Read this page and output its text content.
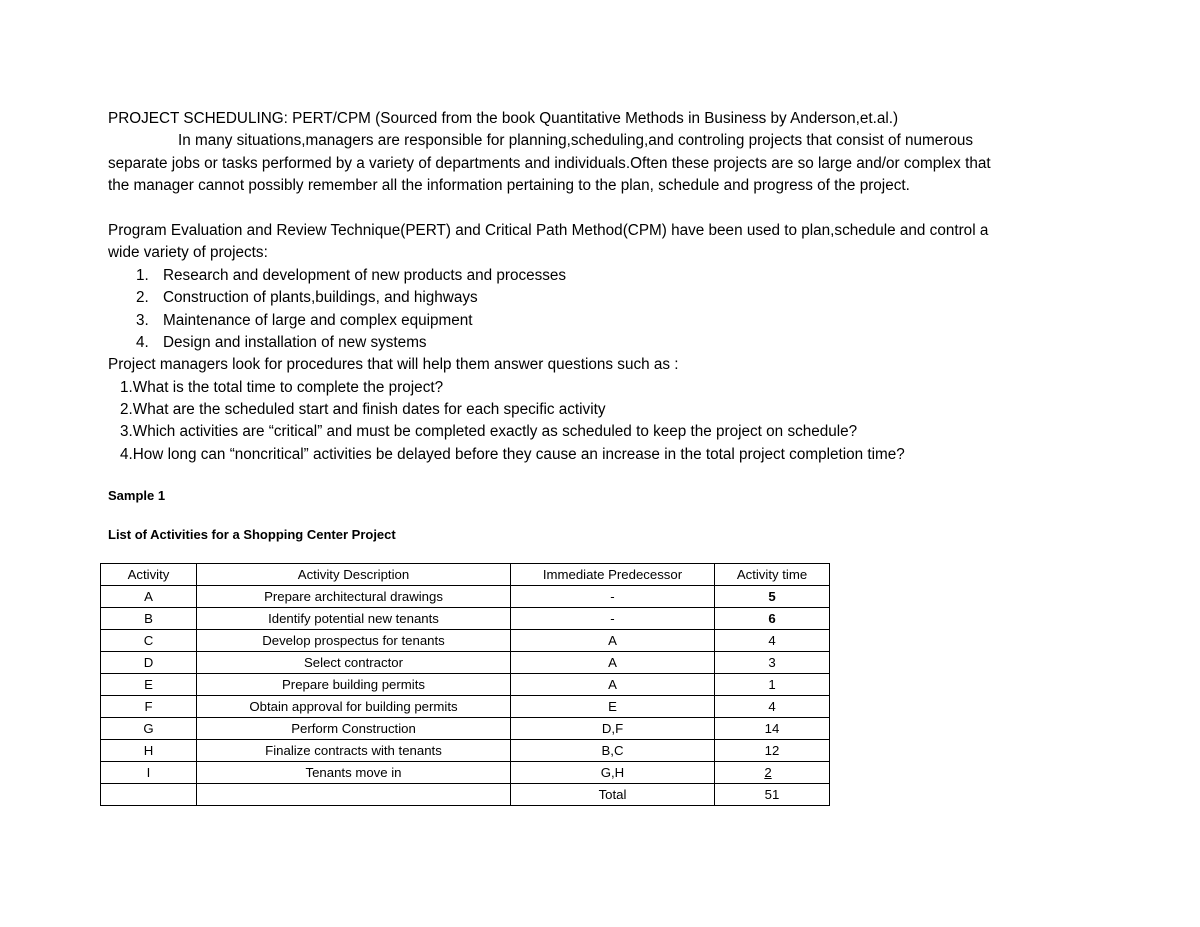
PROJECT SCHEDULING: PERT/CPM (Sourced from the book Quantitative Methods in Business by Anderson,et.al.)
In many situations,managers are responsible for planning,scheduling,and controling projects that consist of numerous
separate jobs or tasks performed by a variety of departments and individuals.Often these projects are so large and/or complex that
the manager cannot possibly remember all the information pertaining to the plan, schedule and progress of the project.
Program Evaluation and Review Technique(PERT) and Critical Path Method(CPM) have been used to plan,schedule and control a
wide variety of projects:
1. Research and development of new products and processes
2. Construction of plants,buildings, and highways
3. Maintenance of large and complex equipment
4. Design and installation of new systems
Project managers look for procedures that will help them answer questions such as :
1.What is the total time to complete the project?
2.What are the scheduled start and finish dates for each specific activity
3.Which activities are “critical” and must be completed exactly as scheduled to keep the project on schedule?
4.How long can “noncritical” activities be delayed before they cause an increase in the total project completion time?
Sample 1
List of Activities for a Shopping Center Project
Activity	Activity Description	Immediate Predecessor	Activity time
A	Prepare architectural drawings	-	5
B	Identify potential new tenants	-	6
C	Develop prospectus for tenants	A	4
D	Select contractor	A	3
E	Prepare building permits	A	1
F	Obtain approval for building permits	E	4
G	Perform Construction	D,F	14
H	Finalize contracts with tenants	B,C	12
I	Tenants move in	G,H	2
		Total	51
